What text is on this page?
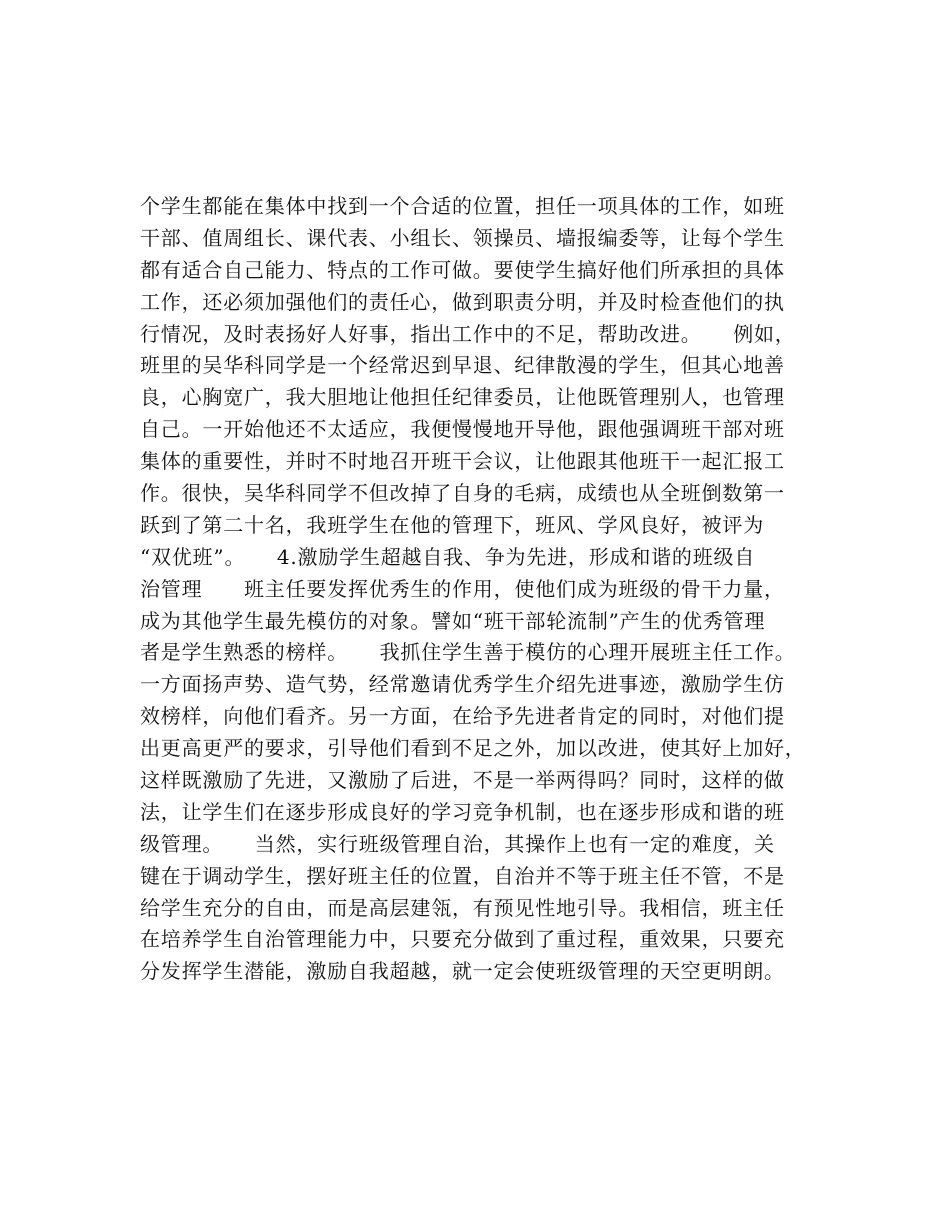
个学生都能在集体中找到一个合适的位置，担任一项具体的工作，如班
干部、值周组长、课代表、小组长、领操员、墙报编委等，让每个学生
都有适合自己能力、特点的工作可做。要使学生搞好他们所承担的具体
工作，还必须加强他们的责任心，做到职责分明，并及时检查他们的执
行情况，及时表扬好人好事，指出工作中的不足，帮助改进。　　例如，
班里的吴华科同学是一个经常迟到早退、纪律散漫的学生，但其心地善
良，心胸宽广，我大胆地让他担任纪律委员，让他既管理别人，也管理
自己。一开始他还不太适应，我便慢慢地开导他，跟他强调班干部对班
集体的重要性，并时不时地召开班干会议，让他跟其他班干一起汇报工
作。很快，吴华科同学不但改掉了自身的毛病，成绩也从全班倒数第一
跃到了第二十名，我班学生在他的管理下，班风、学风良好，被评为
“双优班”。　　4.激励学生超越自我、争为先进，形成和谐的班级自
治管理　　班主任要发挥优秀生的作用，使他们成为班级的骨干力量，
成为其他学生最先模仿的对象。譬如“班干部轮流制”产生的优秀管理
者是学生熟悉的榜样。　　我抓住学生善于模仿的心理开展班主任工作。
一方面扬声势、造气势，经常邀请优秀学生介绍先进事迹，激励学生仿
效榜样，向他们看齐。另一方面，在给予先进者肯定的同时，对他们提
出更高更严的要求，引导他们看到不足之外，加以改进，使其好上加好，
这样既激励了先进，又激励了后进，不是一举两得吗？同时，这样的做
法，让学生们在逐步形成良好的学习竞争机制，也在逐步形成和谐的班
级管理。　　当然，实行班级管理自治，其操作上也有一定的难度，关
键在于调动学生，摆好班主任的位置，自治并不等于班主任不管，不是
给学生充分的自由，而是高层建瓴，有预见性地引导。我相信，班主任
在培养学生自治管理能力中，只要充分做到了重过程，重效果，只要充
分发挥学生潜能，激励自我超越，就一定会使班级管理的天空更明朗。
